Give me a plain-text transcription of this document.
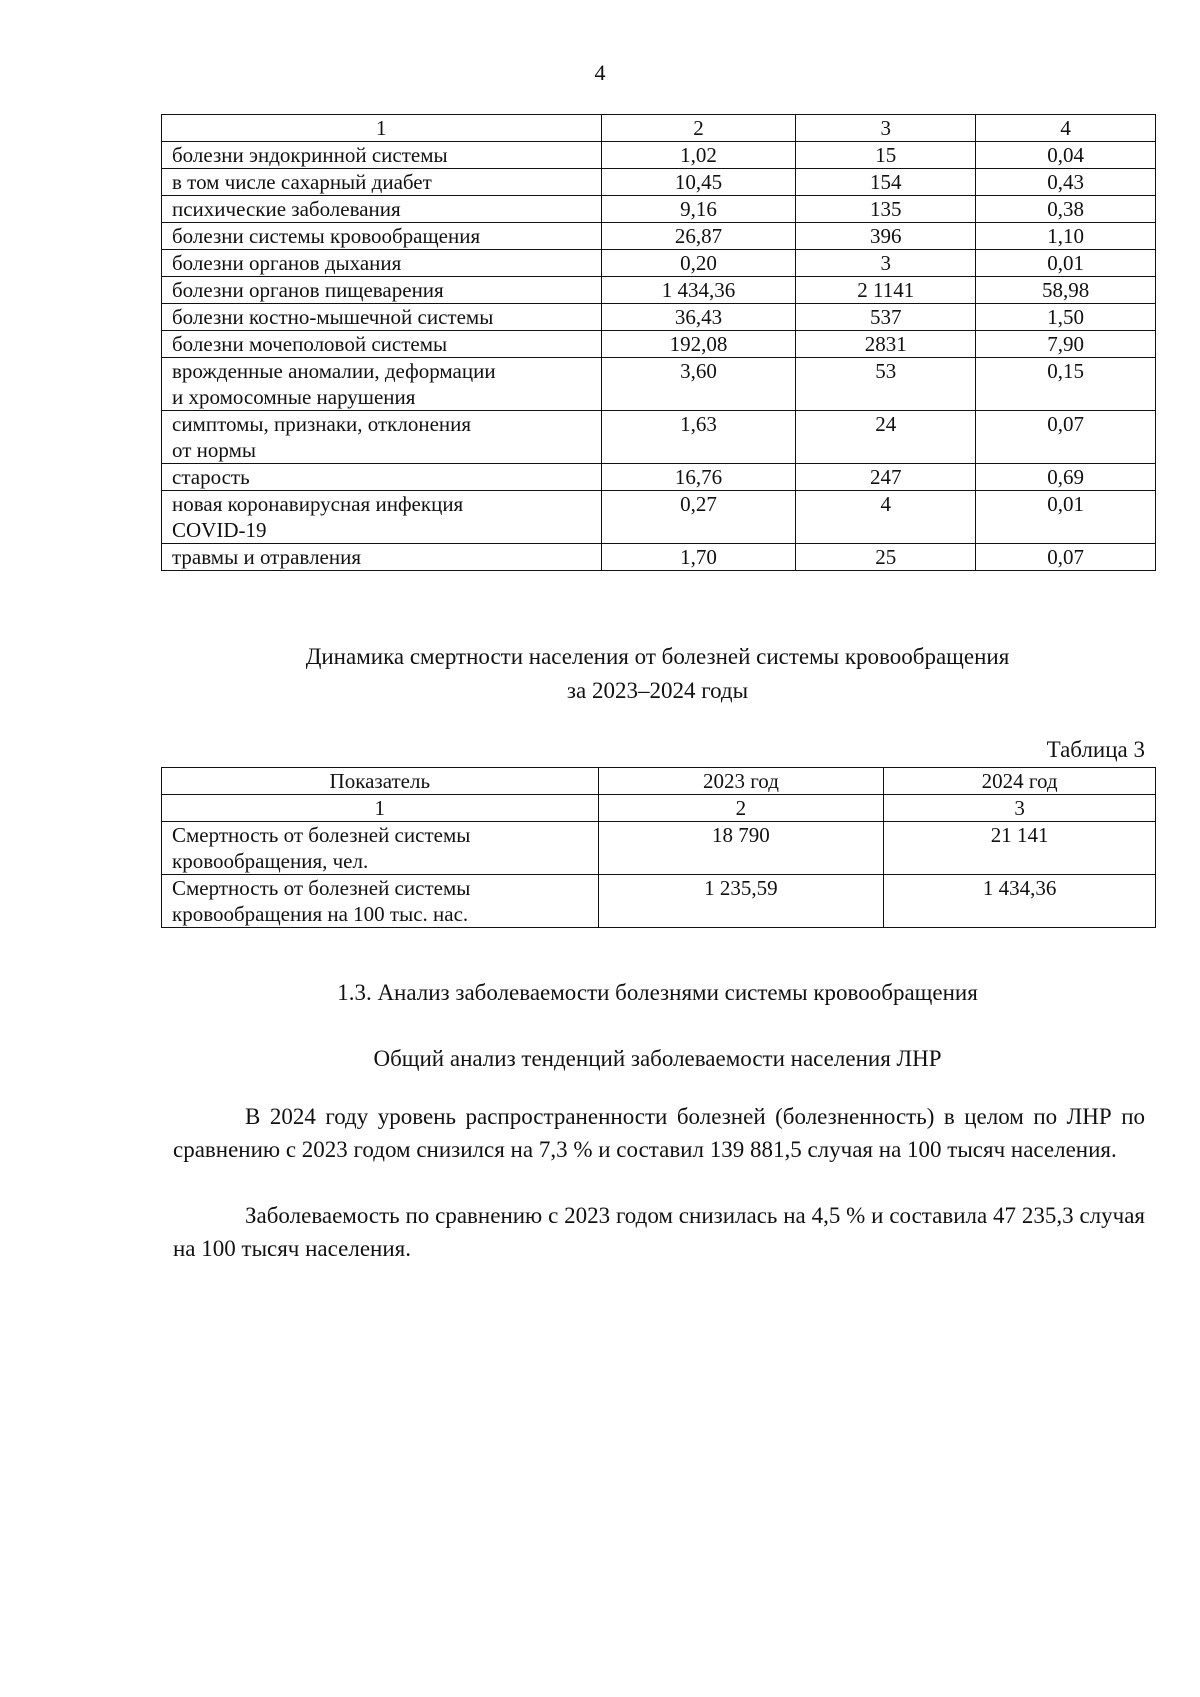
4
1	2	3	4

болезни эндокринной системы	1,02	15	0,04

в том числе сахарный диабет	10,45	154	0,43

психические заболевания	9,16	135	0,38

болезни системы кровообращения	26,87	396	1,10

болезни органов дыхания	0,20	3	0,01

болезни органов пищеварения	1 434,36	2 1141	58,98

болезни костно-мышечной системы	36,43	537	1,50

болезни мочеполовой системы	192,08	2831	7,90

врожденные аномалии, деформации
и хромосомные нарушения	3,60	53	0,15

симптомы, признаки, отклонения
от нормы	1,63	24	0,07

старость	16,76	247	0,69

новая коронавирусная инфекция
COVID-19	0,27	4	0,01

травмы и отравления	1,70	25	0,07
Динамика смертности населения от болезней системы кровообращения
за 2023–2024 годы
Таблица 3
Показатель	2023 год	2024 год
1	2	3

Смертность от болезней системы
кровообращения, чел.	18 790	21 141

Смертность от болезней системы
кровообращения на 100 тыс. нас.	1 235,59	1 434,36
1.3. Анализ заболеваемости болезнями системы кровообращения
Общий анализ тенденций заболеваемости населения ЛНР

В 2024 году уровень распространенности болезней (болезненность) в целом по ЛНР по сравнению с 2023 годом снизился на 7,3 % и составил 139 881,5 случая на 100 тысяч населения.

Заболеваемость по сравнению с 2023 годом снизилась на 4,5 % и составила 47 235,3 случая на 100 тысяч населения.
